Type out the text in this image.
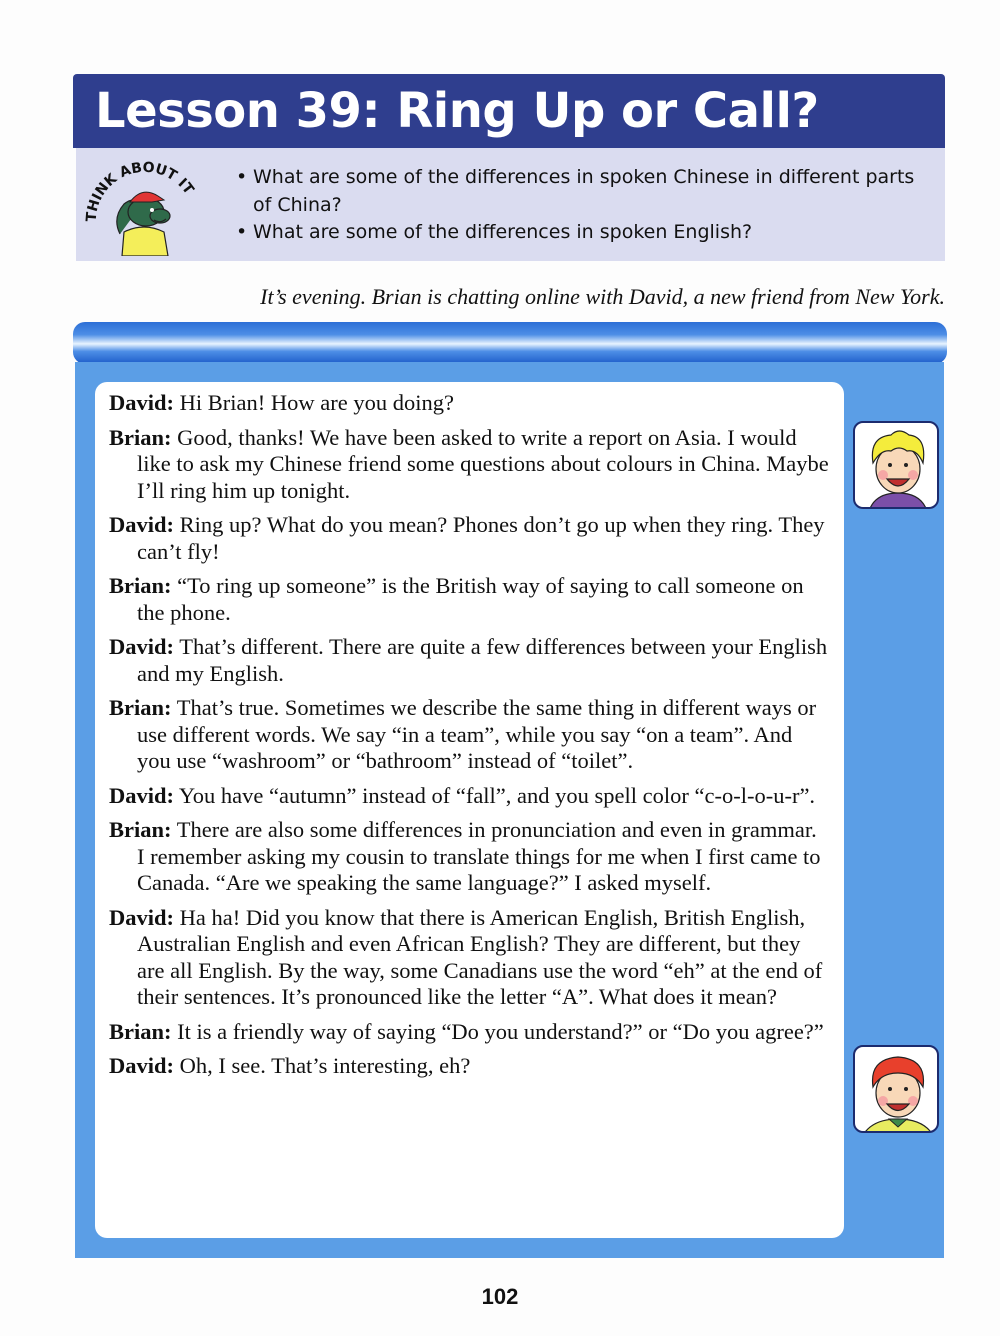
Lesson 39: Ring Up or Call?
THINK ABOUT IT
• What are some of the differences in spoken Chinese in different parts of China?
• What are some of the differences in spoken English?
It’s evening. Brian is chatting online with David, a new friend from New York.

David: Hi Brian! How are you doing?

Brian: Good, thanks! We have been asked to write a report on Asia. I would like to ask my Chinese friend some questions about colours in China. Maybe I’ll ring him up tonight.

David: Ring up? What do you mean? Phones don’t go up when they ring. They can’t fly!

Brian: “To ring up someone” is the British way of saying to call someone on the phone.

David: That’s different. There are quite a few differences between your English and my English.

Brian: That’s true. Sometimes we describe the same thing in different ways or use different words. We say “in a team”, while you say “on a team”. And you use “washroom” or “bathroom” instead of “toilet”.

David: You have “autumn” instead of “fall”, and you spell color “c-o-l-o-u-r”.

Brian: There are also some differences in pronunciation and even in grammar. I remember asking my cousin to translate things for me when I first came to Canada. “Are we speaking the same language?” I asked myself.

David: Ha ha! Did you know that there is American English, British English, Australian English and even African English? They are different, but they are all English. By the way, some Canadians use the word “eh” at the end of their sentences. It’s pronounced like the letter “A”. What does it mean?

Brian: It is a friendly way of saying “Do you understand?” or “Do you agree?”

David: Oh, I see. That’s interesting, eh?

102
